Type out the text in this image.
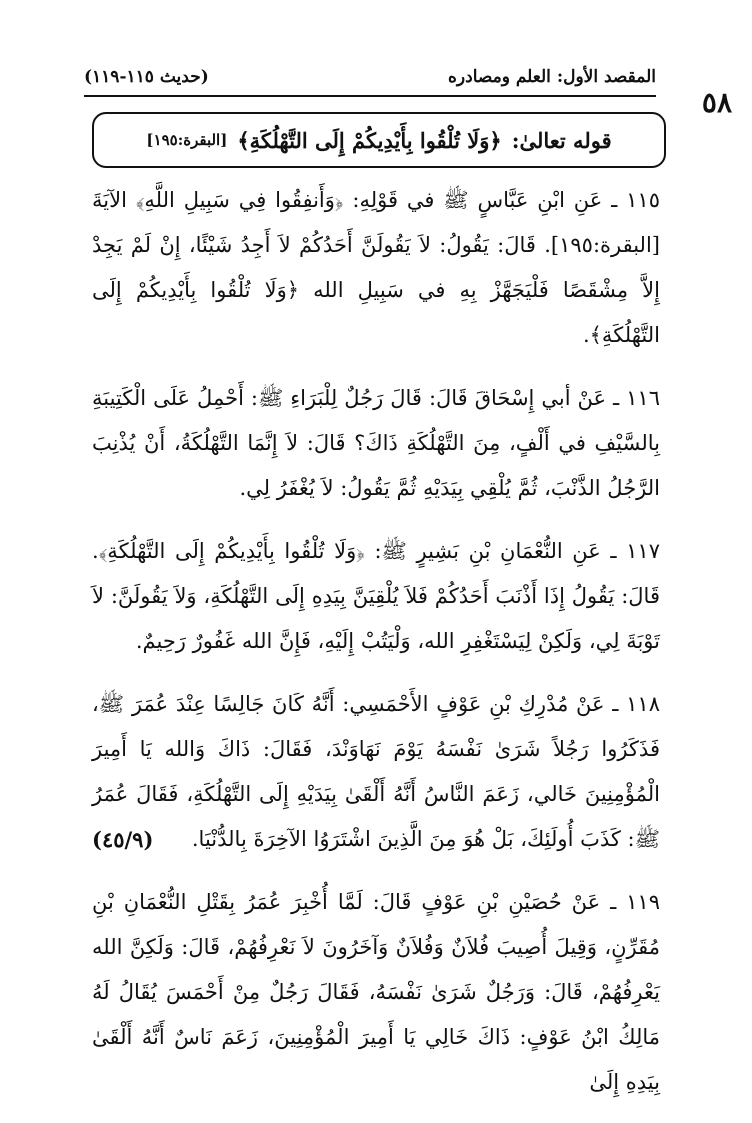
المقصد الأول: العلم ومصادره
(حديث ١١٥-١١٩)
٥٨
قوله تعالىٰ:
﴿وَلَا تُلْقُوا بِأَيْدِيكُمْ إِلَى التَّهْلُكَةِ﴾
[البقرة:١٩٥]

١١٥ ـ عَنِ ابْنِ عَبَّاسٍ ﷺ في قَوْلِهِ: ﴿وَأَنفِقُوا فِي سَبِيلِ اللَّهِ﴾ الآيَةَ [البقرة:١٩٥]. قَالَ: يَقُولُ: لاَ يَقُولَنَّ أَحَدُكُمْ لاَ أَجِدُ شَيْئًا، إِنْ لَمْ يَجِدْ إِلاَّ مِشْقَصًا فَلْيَجَهَّزْ بِهِ في سَبِيلِ الله ﴿وَلَا تُلْقُوا بِأَيْدِيكُمْ إِلَى التَّهْلُكَةِ﴾.

١١٦ ـ عَنْ أبي إِسْحَاقَ قَالَ: قَالَ رَجُلٌ لِلْبَرَاءِ ﷺ: أَحْمِلُ عَلَى الْكَتِيبَةِ بِالسَّيْفِ في أَلْفٍ، مِنَ التَّهْلُكَةِ ذَاكَ؟ قَالَ: لاَ إِنَّمَا التَّهْلُكَةُ، أَنْ يُذْنِبَ الرَّجُلُ الذَّنْبَ، ثُمَّ يُلْقِي بِيَدَيْهِ ثُمَّ يَقُولُ: لاَ يُغْفَرُ لِي.

١١٧ ـ عَنِ النُّعْمَانِ بْنِ بَشِيرٍ ﷺ: ﴿وَلَا تُلْقُوا بِأَيْدِيكُمْ إِلَى التَّهْلُكَةِ﴾. قَالَ: يَقُولُ إِذَا أَذْنَبَ أَحَدُكُمْ فَلاَ يُلْقِيَنَّ بِيَدِهِ إِلَى التَّهْلُكَةِ، وَلاَ يَقُولَنَّ: لاَ تَوْبَةَ لِي، وَلَكِنْ لِيَسْتَغْفِرِ الله، وَلْيَتُبْ إِلَيْهِ، فَإِنَّ الله غَفُورٌ رَحِيمٌ.

١١٨ ـ عَنْ مُدْرِكِ بْنِ عَوْفٍ الأَحْمَسِي: أَنَّهُ كَانَ جَالِسًا عِنْدَ عُمَرَ ﷺ، فَذَكَرُوا رَجُلاً شَرَىٰ نَفْسَهُ يَوْمَ نَهَاوَنْدَ، فَقَالَ: ذَاكَ وَالله يَا أَمِيرَ الْمُؤْمِنِينَ خَالي، زَعَمَ النَّاسُ أَنَّهُ أَلْقَىٰ بِيَدَيْهِ إِلَى التَّهْلُكَةِ، فَقَالَ عُمَرُ ﷺ: كَذَبَ أُولَئِكَ، بَلْ هُوَ مِنَ الَّذِينَ اشْتَرَوُا الآخِرَةَ بِالدُّنْيَا.
(٤٥/٩)

١١٩ ـ عَنْ حُصَيْنِ بْنِ عَوْفٍ قَالَ: لَمَّا أُخْبِرَ عُمَرُ بِقَتْلِ النُّعْمَانِ بْنِ مُقَرِّنٍ، وَقِيلَ أُصِيبَ فُلاَنٌ وَفُلاَنٌ وَآخَرُونَ لاَ نَعْرِفُهُمْ، قَالَ: وَلَكِنَّ الله يَعْرِفُهُمْ، قَالَ: وَرَجُلٌ شَرَىٰ نَفْسَهُ، فَقَالَ رَجُلٌ مِنْ أَحْمَسَ يُقَالُ لَهُ مَالِكُ ابْنُ عَوْفٍ: ذَاكَ خَالِي يَا أَمِيرَ الْمُؤْمِنِينَ، زَعَمَ نَاسٌ أَنَّهُ أَلْقَىٰ بِيَدِهِ إِلَىٰ
